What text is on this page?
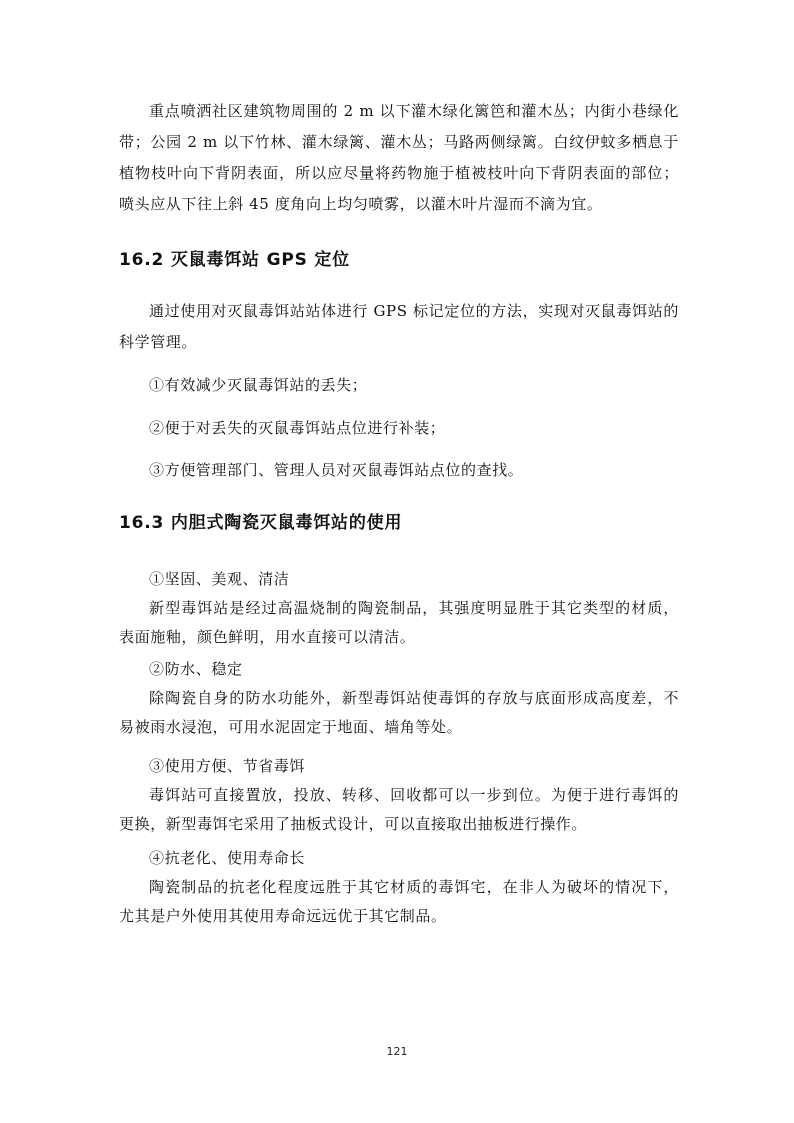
重点喷洒社区建筑物周围的 2 m 以下灌木绿化篱笆和灌木丛；内街小巷绿化带；公园 2 m 以下竹林、灌木绿篱、灌木丛；马路两侧绿篱。白纹伊蚊多栖息于植物枝叶向下背阴表面，所以应尽量将药物施于植被枝叶向下背阴表面的部位；喷头应从下往上斜 45 度角向上均匀喷雾，以灌木叶片湿而不滴为宜。

16.2 灭鼠毒饵站 GPS 定位

通过使用对灭鼠毒饵站站体进行 GPS 标记定位的方法，实现对灭鼠毒饵站的科学管理。

①有效减少灭鼠毒饵站的丢失；

②便于对丢失的灭鼠毒饵站点位进行补装；

③方便管理部门、管理人员对灭鼠毒饵站点位的查找。

16.3 内胆式陶瓷灭鼠毒饵站的使用

①坚固、美观、清洁

新型毒饵站是经过高温烧制的陶瓷制品，其强度明显胜于其它类型的材质，表面施釉，颜色鲜明，用水直接可以清洁。

②防水、稳定

除陶瓷自身的防水功能外，新型毒饵站使毒饵的存放与底面形成高度差，不易被雨水浸泡，可用水泥固定于地面、墙角等处。

③使用方便、节省毒饵

毒饵站可直接置放，投放、转移、回收都可以一步到位。为便于进行毒饵的更换，新型毒饵宅采用了抽板式设计，可以直接取出抽板进行操作。

④抗老化、使用寿命长

陶瓷制品的抗老化程度远胜于其它材质的毒饵宅，在非人为破坏的情况下，尤其是户外使用其使用寿命远远优于其它制品。

121
